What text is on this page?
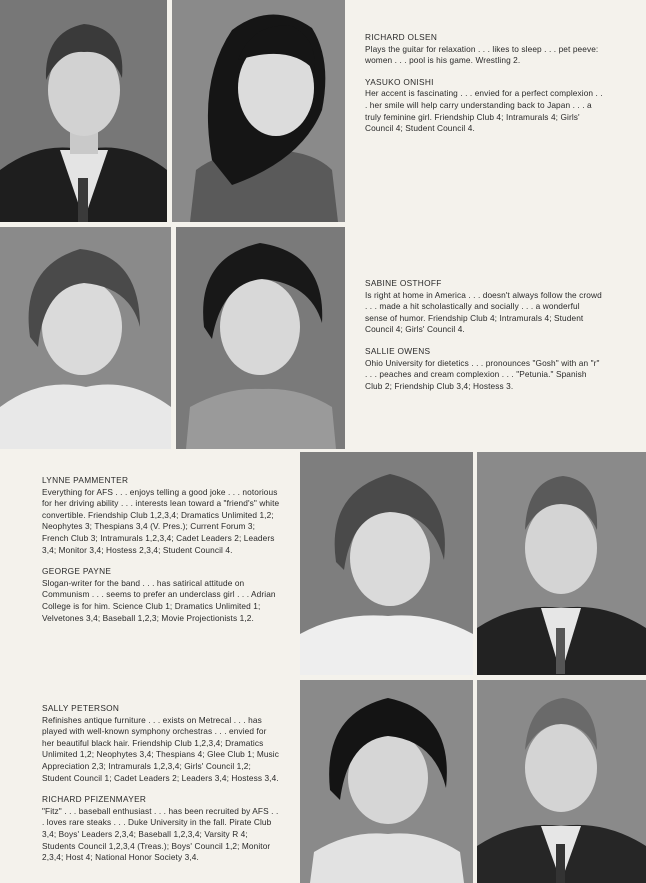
RICHARD OLSEN
Plays the guitar for relaxation . . . likes to sleep . . . pet peeve: women . . . pool is his game. Wrestling 2.

YASUKO ONISHI
Her accent is fascinating . . . envied for a perfect complexion . . . her smile will help carry understanding back to Japan . . . a truly feminine girl. Friendship Club 4; Intramurals 4; Girls' Council 4; Student Council 4.

SABINE OSTHOFF
Is right at home in America . . . doesn't always follow the crowd . . . made a hit scholastically and socially . . . a wonderful sense of humor. Friendship Club 4; Intramurals 4; Student Council 4; Girls' Council 4.

SALLIE OWENS
Ohio University for dietetics . . . pronounces "Gosh" with an "r" . . . peaches and cream complexion . . . "Petunia." Spanish Club 2; Friendship Club 3,4; Hostess 3.

LYNNE PAMMENTER
Everything for AFS . . . enjoys telling a good joke . . . notorious for her driving ability . . . interests lean toward a "friend's" white convertible. Friendship Club 1,2,3,4; Dramatics Unlimited 1,2; Neophytes 3; Thespians 3,4 (V. Pres.); Current Forum 3; French Club 3; Intramurals 1,2,3,4; Cadet Leaders 2; Leaders 3,4; Monitor 3,4; Hostess 2,3,4; Student Council 4.

GEORGE PAYNE
Slogan-writer for the band . . . has satirical attitude on Communism . . . seems to prefer an underclass girl . . . Adrian College is for him. Science Club 1; Dramatics Unlimited 1; Velvetones 3,4; Baseball 1,2,3; Movie Projectionists 1,2.

SALLY PETERSON
Refinishes antique furniture . . . exists on Metrecal . . . has played with well-known symphony orchestras . . . envied for her beautiful black hair. Friendship Club 1,2,3,4; Dramatics Unlimited 1,2; Neophytes 3,4; Thespians 4; Glee Club 1; Music Appreciation 2,3; Intramurals 1,2,3,4; Girls' Council 1,2; Student Council 1; Cadet Leaders 2; Leaders 3,4; Hostess 3,4.

RICHARD PFIZENMAYER
"Fitz" . . . baseball enthusiast . . . has been recruited by AFS . . . loves rare steaks . . . Duke University in the fall. Pirate Club 3,4; Boys' Leaders 2,3,4; Baseball 1,2,3,4; Varsity R 4; Students Council 1,2,3,4 (Treas.); Boys' Council 1,2; Monitor 2,3,4; Host 4; National Honor Society 3,4.
